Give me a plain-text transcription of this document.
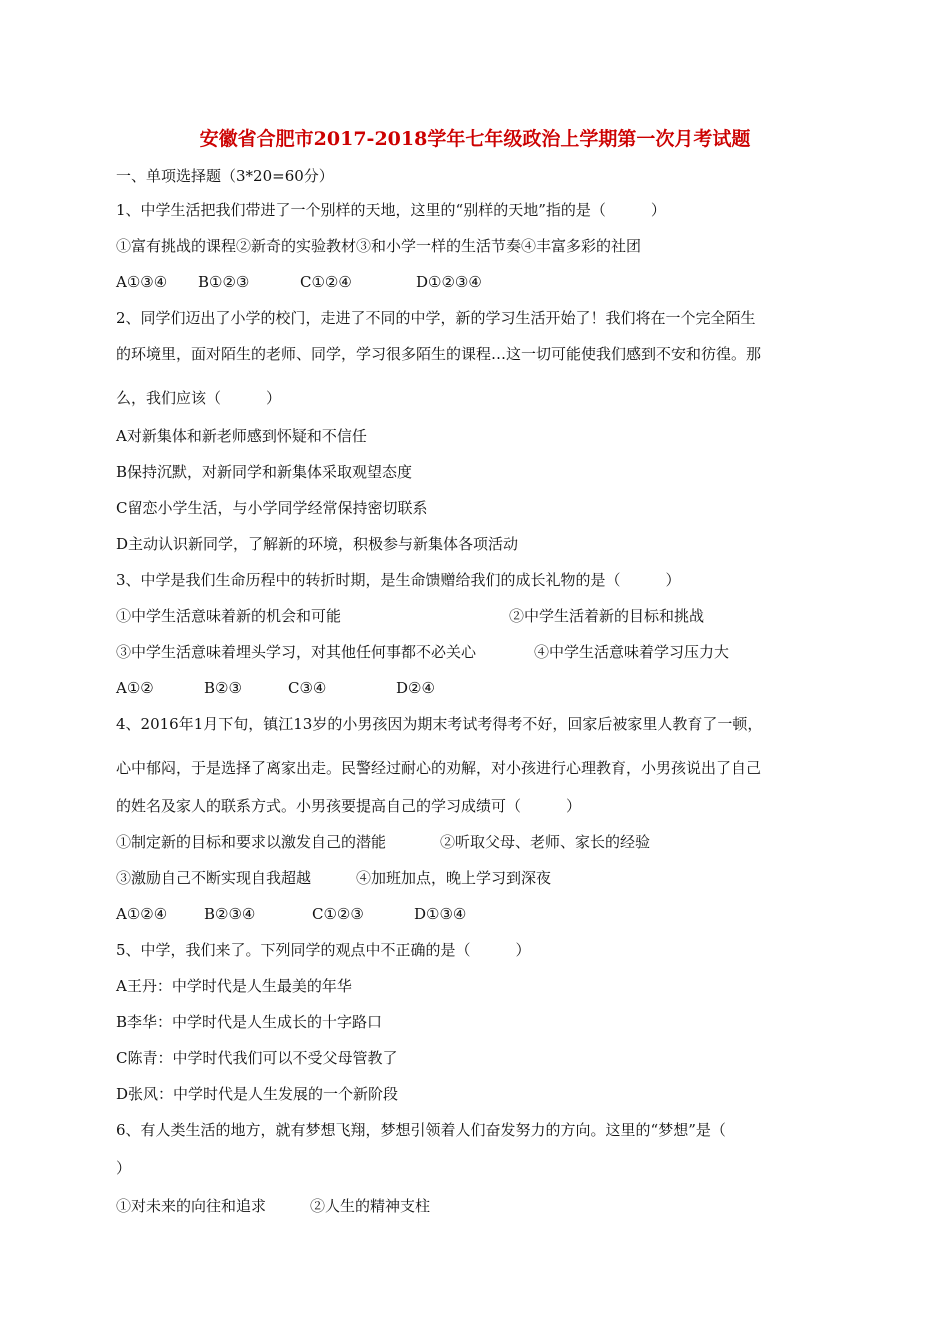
安徽省合肥市2017-2018学年七年级政治上学期第一次月考试题
一、单项选择题（3*20=60分）
1、中学生活把我们带进了一个别样的天地，这里的“别样的天地”指的是（　　　）
①富有挑战的课程②新奇的实验教材③和小学一样的生活节奏④丰富多彩的社团
A①③④ B①②③	C①②④	D①②③④
2、同学们迈出了小学的校门，走进了不同的中学，新的学习生活开始了！我们将在一个完全陌生
的环境里，面对陌生的老师、同学，学习很多陌生的课程…这一切可能使我们感到不安和彷徨。那
么，我们应该（　　　）
A对新集体和新老师感到怀疑和不信任
B保持沉默，对新同学和新集体采取观望态度
C留恋小学生活，与小学同学经常保持密切联系
D主动认识新同学，了解新的环境，积极参与新集体各项活动
3、中学是我们生命历程中的转折时期，是生命馈赠给我们的成长礼物的是（　　　）
①中学生活意味着新的机会和可能	②中学生活着新的目标和挑战
③中学生活意味着埋头学习，对其他任何事都不必关心	④中学生活意味着学习压力大
A①②	B②③	C③④	D②④
4、2016年1月下旬，镇江13岁的小男孩因为期末考试考得考不好，回家后被家里人教育了一顿，
心中郁闷，于是选择了离家出走。民警经过耐心的劝解，对小孩进行心理教育，小男孩说出了自己
的姓名及家人的联系方式。小男孩要提高自己的学习成绩可（　　　）
①制定新的目标和要求以激发自己的潜能	②听取父母、老师、家长的经验
③激励自己不断实现自我超越	④加班加点，晚上学习到深夜
A①②④ B②③④	C①②③	D①③④
5、中学，我们来了。下列同学的观点中不正确的是（　　　）
A王丹：中学时代是人生最美的年华
B李华：中学时代是人生成长的十字路口
C陈青：中学时代我们可以不受父母管教了
D张风：中学时代是人生发展的一个新阶段
6、有人类生活的地方，就有梦想飞翔，梦想引领着人们奋发努力的方向。这里的“梦想”是（
）
①对未来的向往和追求	②人生的精神支柱
